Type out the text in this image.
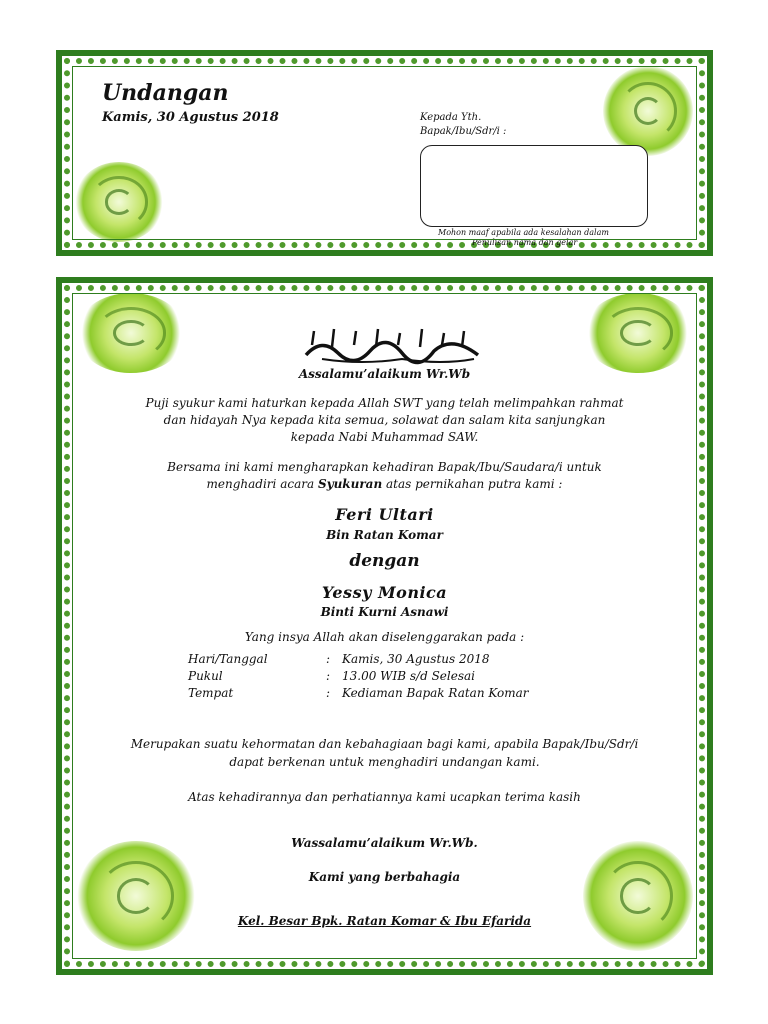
Undangan
Kamis, 30 Agustus 2018	Kepada Yth.
Bapak/Ibu/Sdr/i :
Mohon maaf apabila ada kesalahan dalam
Penulisan nama dan gelar
Assalamu’alaikum Wr.Wb
Puji syukur kami haturkan kepada Allah SWT yang telah melimpahkan rahmat
dan hidayah Nya kepada kita semua, solawat dan salam kita sanjungkan
kepada Nabi Muhammad SAW.
Bersama ini kami mengharapkan kehadiran Bapak/Ibu/Saudara/i untuk
menghadiri acara Syukuran atas pernikahan putra kami :
Feri Ultari
Bin Ratan Komar
dengan
Yessy Monica
Binti Kurni Asnawi
Yang insya Allah akan diselenggarakan pada :
Hari/Tanggal	: Kamis, 30 Agustus 2018
Pukul	: 13.00 WIB s/d Selesai
Tempat	: Kediaman Bapak Ratan Komar
Merupakan suatu kehormatan dan kebahagiaan bagi kami, apabila Bapak/Ibu/Sdr/i
dapat berkenan untuk menghadiri undangan kami.
Atas kehadirannya dan perhatiannya kami ucapkan terima kasih
Wassalamu’alaikum Wr.Wb.
Kami yang berbahagia
Kel. Besar Bpk. Ratan Komar & Ibu Efarida
